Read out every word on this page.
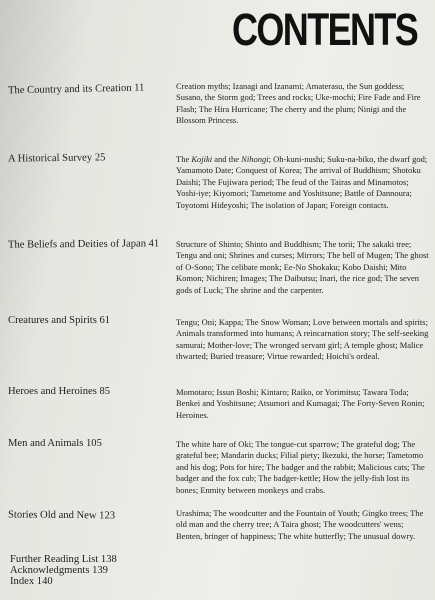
CONTENTS
The Country and its Creation 11	Creation myths; Izanagi and Izanami; Amaterasu, the Sun goddess; Susano, the Storm god; Trees and rocks; Uke-mochi; Fire Fade and Fire Flash; The Hira Hurricane; The cherry and the plum; Ninigi and the Blossom Princess.
A Historical Survey 25	The Kojiki and the Nihongi; Oh-kuni-nushi; Suku-na-biko, the dwarf god; Yamamoto Date; Conquest of Korea; The arrival of Buddhism; Shotoku Daishi; The Fujiwara period; The feud of the Tairas and Minamotos; Yoshi-iye; Kiyomori; Tametome and Yoshitsune; Battle of Dannoura; Toyotomi Hideyoshi; The isolation of Japan; Foreign contacts.
The Beliefs and Deities of Japan 41 Structure of Shinto; Shinto and Buddhism; The torii; The sakaki tree; Tengu and oni; Shrines and curses; Mirrors; The bell of Mugen; The ghost of O-Sono; The celibate monk; Ee-No Shokaku; Kobo Daishi; Mito Komon; Nichiren; Images; The Daibutsu; Inari, the rice god; The seven gods of Luck; The shrine and the carpenter.
Creatures and Spirits 61	Tengu; Oni; Kappa; The Snow Woman; Love between mortals and spirits; Animals transformed into humans; A reincarnation story; The self-seeking samurai; Mother-love; The wronged servant girl; A temple ghost; Malice thwarted; Buried treasure; Virtue rewarded; Hoichi's ordeal.
Heroes and Heroines 85	Momotaro; Issun Boshi; Kintaro; Raiko, or Yorimitsu; Tawara Toda; Benkei and Yoshitsune; Atsumori and Kumagai; The Forty-Seven Ronin; Heroines.
Men and Animals 105	The white hare of Oki; The tongue-cut sparrow; The grateful dog; The grateful bee; Mandarin ducks; Filial piety; Ikezuki, the horse; Tametomo and his dog; Pots for hire; The badger and the rabbit; Malicious cats; The badger and the fox cub; The badger-kettle; How the jelly-fish lost its bones; Enmity between monkeys and crabs.
Stories Old and New 123	Urashima; The woodcutter and the Fountain of Youth; Gingko trees; The old man and the cherry tree; A Taira ghost; The woodcutters' wens; Benten, bringer of happiness; The white butterfly; The unusual dowry.
Further Reading List 138
Acknowledgments 139
Index 140
